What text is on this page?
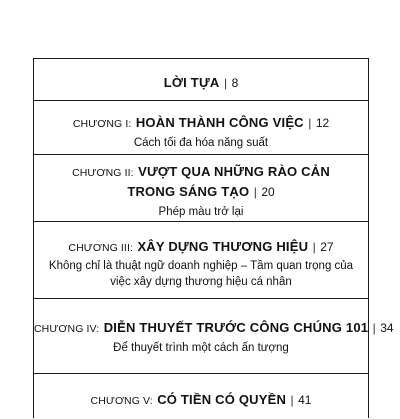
LỜI TỰA | 8
CHƯƠNG I: HOÀN THÀNH CÔNG VIỆC | 12
Cách tối đa hóa năng suất
CHƯƠNG II: VƯỢT QUA NHỮNG RÀO CẢN
TRONG SÁNG TẠO | 20
Phép màu trở lại
CHƯƠNG III: XÂY DỰNG THƯƠNG HIỆU | 27
Không chỉ là thuật ngữ doanh nghiệp – Tầm quan trọng của
việc xây dựng thương hiệu cá nhân
CHƯƠNG IV: DIỄN THUYẾT TRƯỚC CÔNG CHÚNG 101 | 34
Để thuyết trình một cách ấn tượng
CHƯƠNG V: CÓ TIỀN CÓ QUYỀN | 41
